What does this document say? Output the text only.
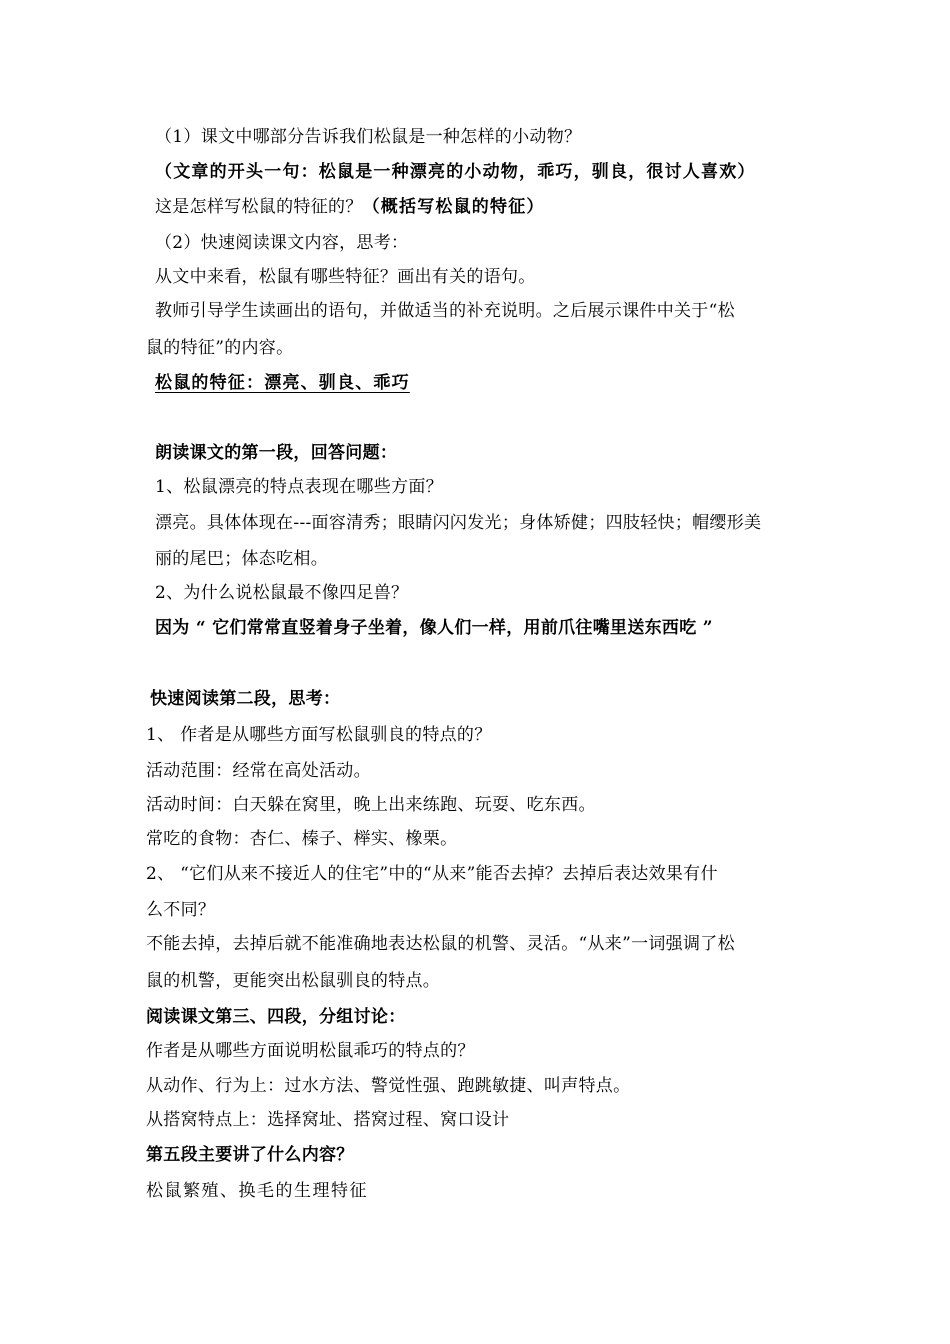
（1）课文中哪部分告诉我们松鼠是一种怎样的小动物？
（文章的开头一句：松鼠是一种漂亮的小动物，乖巧，驯良，很讨人喜欢）
这是怎样写松鼠的特征的？（概括写松鼠的特征）
（2）快速阅读课文内容，思考：
从文中来看，松鼠有哪些特征？画出有关的语句。
教师引导学生读画出的语句，并做适当的补充说明。之后展示课件中关于“松
鼠的特征”的内容。
松鼠的特征：漂亮、驯良、乖巧
朗读课文的第一段，回答问题：
1、松鼠漂亮的特点表现在哪些方面？
漂亮。具体体现在---面容清秀；眼睛闪闪发光；身体矫健；四肢轻快；帽缨形美
丽的尾巴；体态吃相。
2、为什么说松鼠最不像四足兽？
因为 “ 它们常常直竖着身子坐着，像人们一样，用前爪往嘴里送东西吃 ”
快速阅读第二段，思考：
1、 作者是从哪些方面写松鼠驯良的特点的？
活动范围：经常在高处活动。
活动时间：白天躲在窝里，晚上出来练跑、玩耍、吃东西。
常吃的食物：杏仁、榛子、榉实、橡栗。
2、 “它们从来不接近人的住宅”中的“从来”能否去掉？去掉后表达效果有什
么不同？
不能去掉，去掉后就不能准确地表达松鼠的机警、灵活。“从来”一词强调了松
鼠的机警，更能突出松鼠驯良的特点。
阅读课文第三、四段，分组讨论：
作者是从哪些方面说明松鼠乖巧的特点的？
从动作、行为上：过水方法、警觉性强、跑跳敏捷、叫声特点。
从搭窝特点上：选择窝址、搭窝过程、窝口设计
第五段主要讲了什么内容？
松鼠繁殖、换毛的生理特征
